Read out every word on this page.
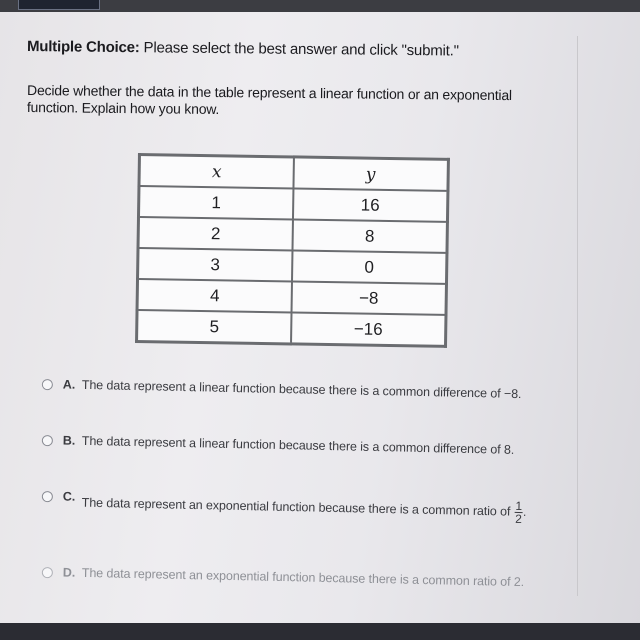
Multiple Choice: Please select the best answer and click "submit."
Decide whether the data in the table represent a linear function or an exponential function. Explain how you know.
x	y
1	16
2	8
3	0
4	−8
5	−16
A. The data represent a linear function because there is a common difference of −8.
B. The data represent a linear function because there is a common difference of 8.
C. The data represent an exponential function because there is a common ratio of $\frac{1}{2}$ .
D. The data represent an exponential function because there is a common ratio of 2.
